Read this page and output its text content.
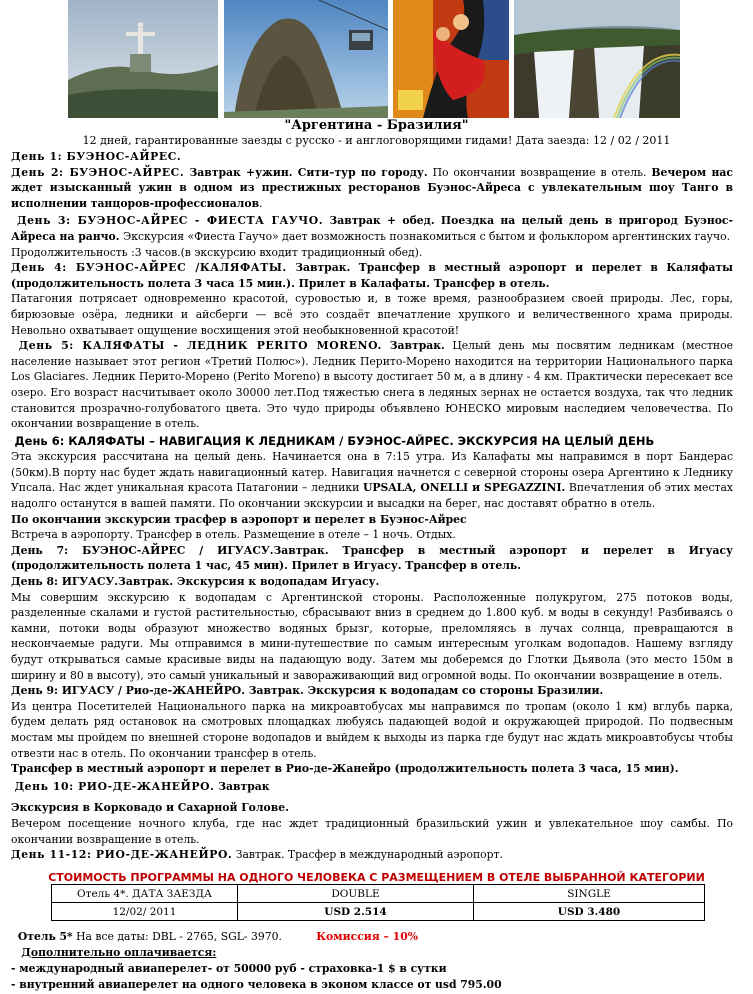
"Аргентина - Бразилия"
12 дней, гарантированные заезды с русско - и англоговорящими гидами! Дата заезда: 12 / 02 / 2011

День 1: БУЭНОС-АЙРЕС.

День 2: БУЭНОС-АЙРЕС. Завтрак +ужин. Сити–тур по городу. По окончании возвращение в отель. Вечером нас ждет изысканный ужин в одном из престижных ресторанов Буэнос-Айреса с увлекательным шоу Танго в исполнении танцоров-профессионалов.

День 3: БУЭНОС-АЙРЕС - ФИЕСТА ГАУЧО. Завтрак + обед. Поездка на целый день в пригород Буэнос-Айреса на ранчо. Экскурсия «Фиеста Гаучо» дает возможность познакомиться с бытом и фольклором аргентинских гаучо.

Продолжительность :3 часов.(в экскурсию входит традиционный обед).

День 4: БУЭНОС-АЙРЕС /КАЛЯФАТЫ. Завтрак. Трансфер в местный аэропорт и перелет в Каляфаты (продолжительность полета 3 часа 15 мин.). Прилет в Калафаты. Трансфер в отель.

Патагония потрясает одновременно красотой, суровостью и, в тоже время, разнообразием своей природы. Лес, горы, бирюзовые озёра, ледники и айсберги — всё это создаёт впечатление хрупкого и величественного храма природы. Невольно охватывает ощущение восхищения этой необыкновенной красотой!

День 5: КАЛЯФАТЫ - ЛЕДНИК PERITO MORENO. Завтрак. Целый день мы посвятим ледникам (местное население называет этот регион «Третий Полюс»). Ледник Перито-Морено находится на территории Национального парка Los Glaciares. Ледник Перито-Морено (Perito Moreno) в высоту достигает 50 м, а в длину - 4 км. Практически пересекает все озеро. Его возраст насчитывает около 30000 лет.Под тяжестью снега в ледяных зернах не остается воздуха, так что ледник становится прозрачно-голубоватого цвета. Это чудо природы объявлено ЮНЕСКО мировым наследием человечества. По окончании возвращение в отель.

День 6: КАЛЯФАТЫ – НАВИГАЦИЯ К ЛЕДНИКАМ / БУЭНОС-АЙРЕС. ЭКСКУРСИЯ НА ЦЕЛЫЙ ДЕНЬ

Эта экскурсия рассчитана на целый день. Начинается она в 7:15 утра. Из Калафаты мы направимся в порт Бандерас (50км).В порту нас будет ждать навигационный катер. Навигация начнется с северной стороны озера Аргентино к Леднику Упсала. Нас ждет уникальная красота Патагонии – ледники UPSALA, ONELLI и SPEGAZZINI. Впечатления об этих местах надолго останутся в вашей памяти. По окончании экскурсии и высадки на берег, нас доставят обратно в отель.

По окончании экскурсии трасфер в аэропорт и перелет в Буэнос-Айрес

Встреча в аэропорту. Трансфер в отель. Размещение в отеле – 1 ночь. Отдых.

День 7: БУЭНОС-АЙРЕС / ИГУАСУ.Завтрак. Трансфер в местный аэропорт и перелет в Игуасу (продолжительность полета 1 час, 45 мин). Прилет в Игуасу. Трансфер в отель.

День 8: ИГУАСУ.Завтрак. Экскурсия к водопадам Игуасу.

Мы совершим экскурсию к водопадам с Аргентинской стороны. Расположенные полукругом, 275 потоков воды, разделенные скалами и густой растительностью, сбрасывают вниз в среднем до 1.800 куб. м воды в секунду! Разбиваясь о камни, потоки воды образуют множество водяных брызг, которые, преломляясь в лучах солнца, превращаются в нескончаемые радуги. Мы отправимся в мини-путешествие по самым интересным уголкам водопадов. Нашему взгляду будут открываться самые красивые виды на падающую воду. Затем мы доберемся до Глотки Дьявола (это место 150м в ширину и 80 в высоту), это самый уникальный и завораживающий вид огромной воды. По окончании возвращение в отель.

День 9: ИГУАСУ / Рио-де-ЖАНЕЙРО. Завтрак. Экскурсия к водопадам со стороны Бразилии.

Из центра Посетителей Национального парка на микроавтобусах мы направимся по тропам (около 1 км) вглубь парка, будем делать ряд остановок на смотровых площадках любуясь падающей водой и окружающей природой. По подвесным мостам мы пройдем по внешней стороне водопадов и выйдем к выходы из парка где будут нас ждать микроавтобусы чтобы отвезти нас в отель. По окончании трансфер в отель.

Трансфер в местный аэропорт и перелет в Рио-де-Жанейро (продолжительность полета 3 часа, 15 мин).

День 10: РИО-ДЕ-ЖАНЕЙРО. Завтрак

Экскурсия в Корковадо и Сахарной Голове.

Вечером посещение ночного клуба, где нас ждет традиционный бразильский ужин и увлекательное шоу самбы. По окончании возвращение в отель.

День 11-12: РИО-ДЕ-ЖАНЕЙРО. Завтрак. Трасфер в международный аэропорт.

СТОИМОСТЬ ПРОГРАММЫ НА ОДНОГО ЧЕЛОВЕКА С РАЗМЕЩЕНИЕМ В ОТЕЛЕ ВЫБРАННОЙ КАТЕГОРИИ
Отель 4*. ДАТА ЗАЕЗДА	DOUBLE	SINGLE
12/02/ 2011	USD 2.514	USD 3.480

Отель 5* На все даты: DBL - 2765, SGL- 3970.	Комиссия – 10%

Дополнительно оплачивается:

- международный авиаперелет- от 50000 руб - страховка-1 $ в сутки

- внутренний авиаперелет на одного человека в эконом классе от usd 795.00
